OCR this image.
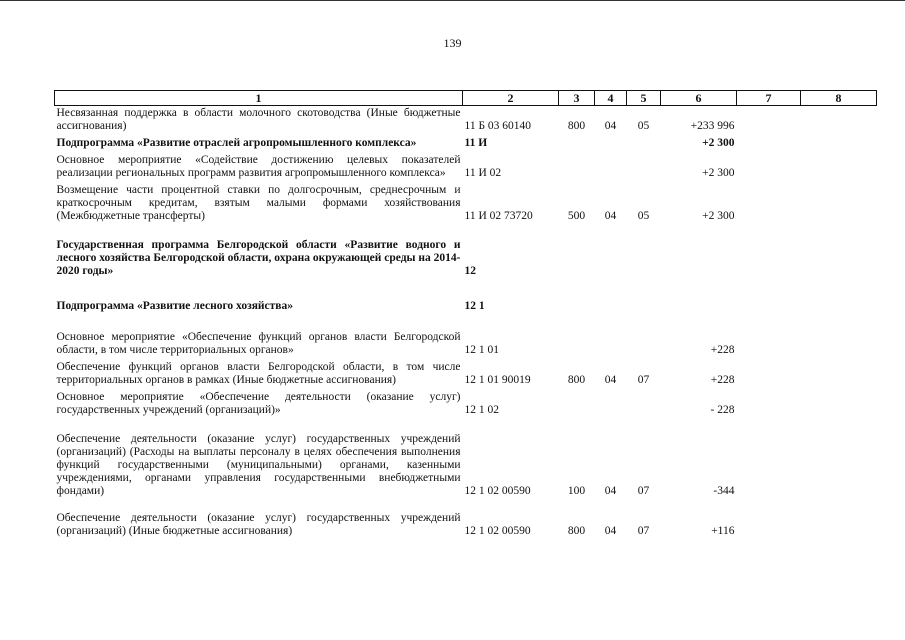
139
1	2	3	4	5	6	7	8
Несвязанная поддержка в области молочного скотоводства (Иные бюджетные ассигнования)	11 Б 03 60140	800	04	05	+233 996		
Подпрограмма «Развитие отраслей агропромышленного комплекса»	11 И				+2 300		
Основное мероприятие «Содействие достижению целевых показателей реализации региональных программ развития агропромышленного комплекса»	11 И 02				+2 300		
Возмещение части процентной ставки по долгосрочным, среднесрочным и краткосрочным кредитам, взятым малыми формами хозяйствования (Межбюджетные трансферты)	11 И 02 73720	500	04	05	+2 300		

Государственная программа Белгородской области «Развитие водного и лесного хозяйства Белгородской области, охрана окружающей среды на 2014-2020 годы»	12						

Подпрограмма «Развитие лесного хозяйства»	12 1						

Основное мероприятие «Обеспечение функций органов власти Белгородской области, в том числе территориальных органов»	12 1 01				+228		
Обеспечение функций органов власти Белгородской области, в том числе территориальных органов в рамках (Иные бюджетные ассигнования)	12 1 01 90019	800	04	07	+228		
Основное мероприятие «Обеспечение деятельности (оказание услуг) государственных учреждений (организаций)»	12 1 02				- 228		

Обеспечение деятельности (оказание услуг) государственных учреждений (организаций) (Расходы на выплаты персоналу в целях обеспечения выполнения функций государственными (муниципальными) органами, казенными учреждениями, органами управления государственными внебюджетными фондами)	12 1 02 00590	100	04	07	-344		

Обеспечение деятельности (оказание услуг) государственных учреждений (организаций) (Иные бюджетные ассигнования)	12 1 02 00590	800	04	07	+116		
